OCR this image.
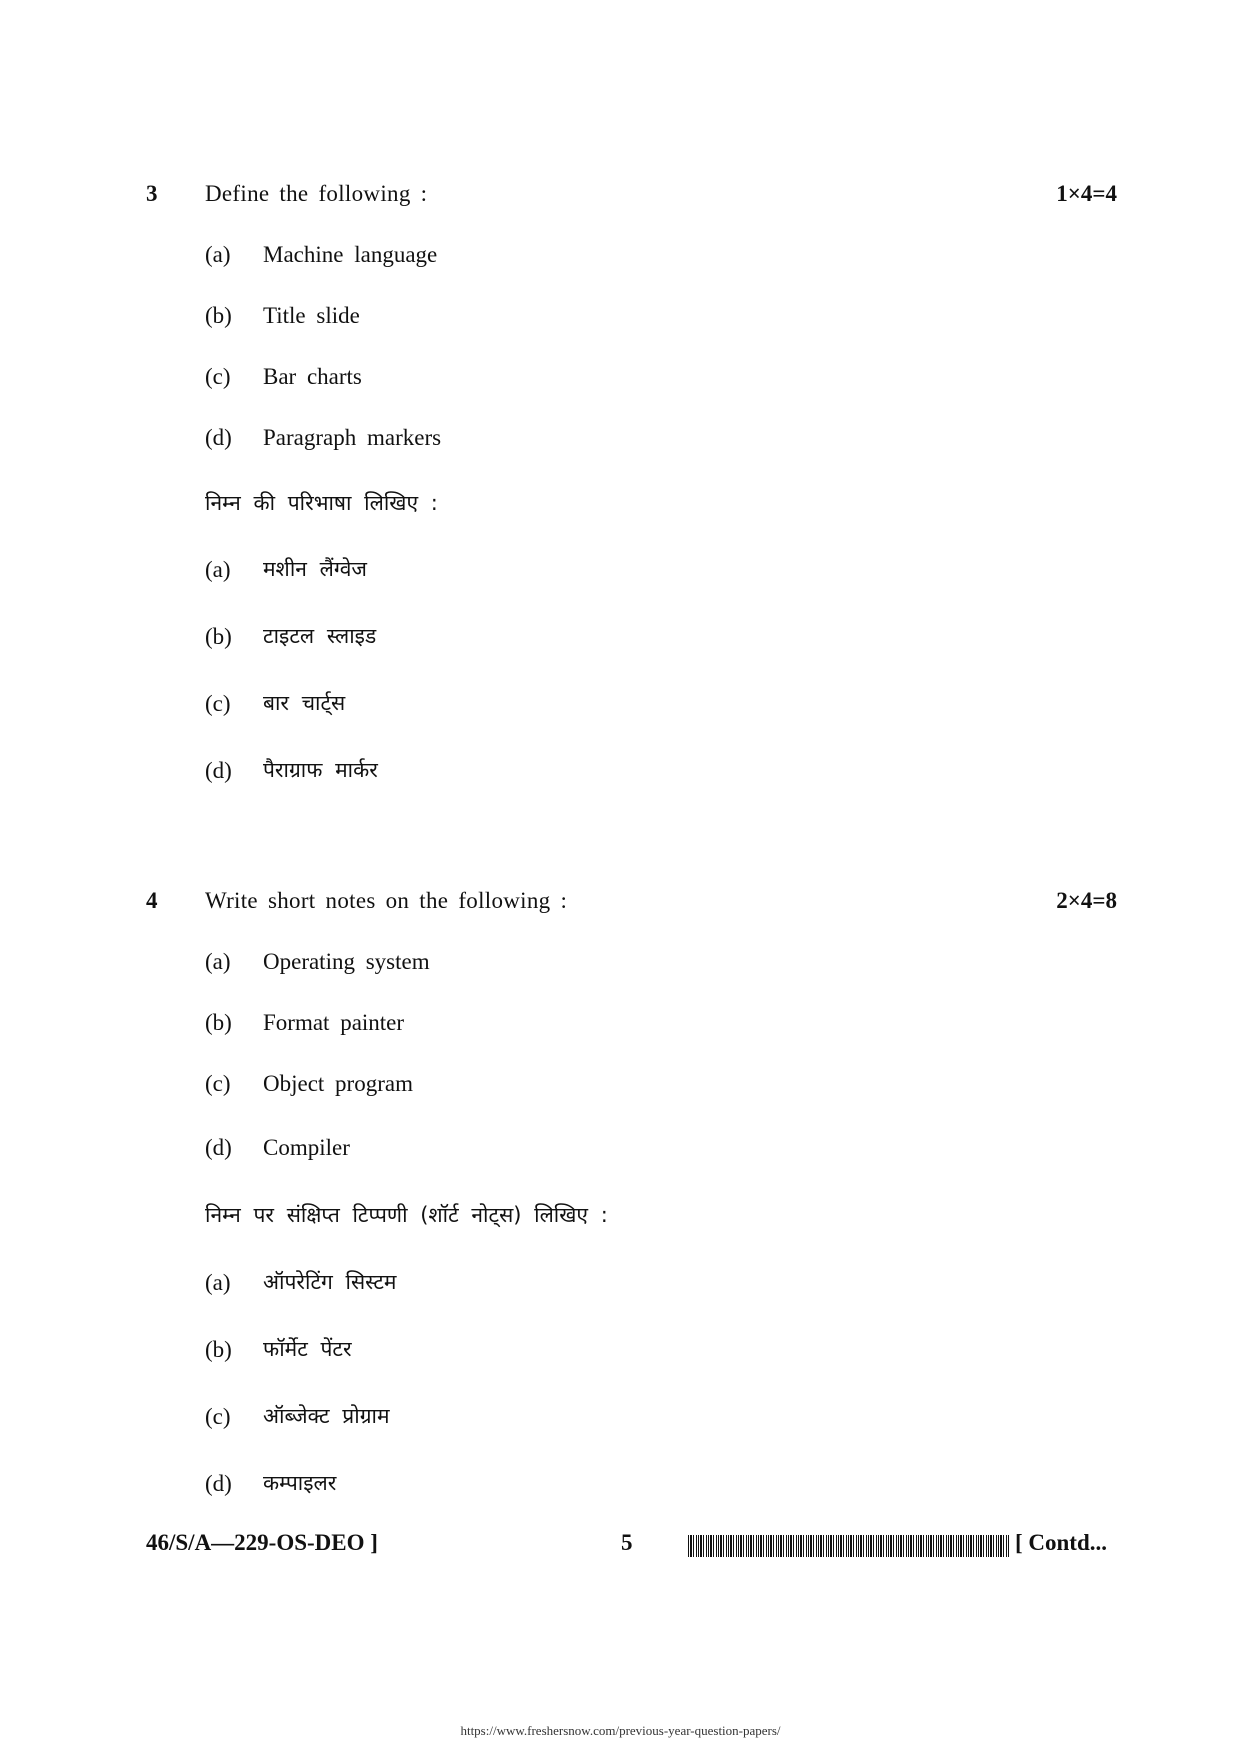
3 Define the following :	1×4=4
(a) Machine language
(b) Title slide
(c) Bar charts
(d) Paragraph markers
निम्न की परिभाषा लिखिए :
(a) मशीन लैंग्वेज
(b) टाइटल स्लाइड
(c) बार चार्ट्स
(d) पैराग्राफ मार्कर
4 Write short notes on the following :	2×4=8
(a) Operating system
(b) Format painter
(c) Object program
(d) Compiler
निम्न पर संक्षिप्त टिप्पणी (शॉर्ट नोट्स) लिखिए :
(a) ऑपरेटिंग सिस्टम
(b) फॉर्मेट पेंटर
(c) ऑब्जेक्ट प्रोग्राम
(d) कम्पाइलर
46/S/A—229-OS-DEO ]	5	[ Contd...
https://www.freshersnow.com/previous-year-question-papers/
